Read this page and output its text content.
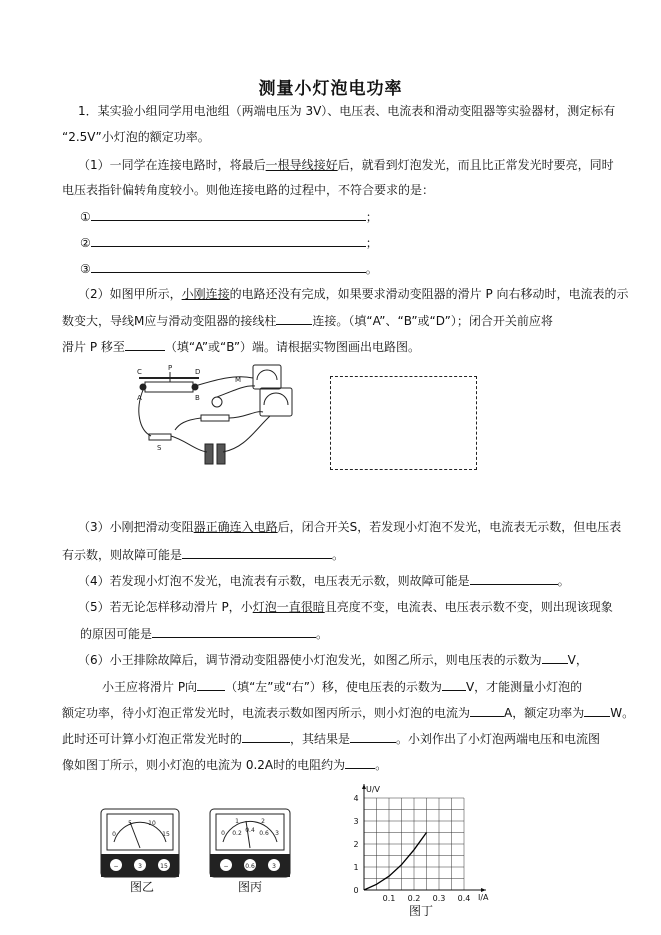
测量小灯泡电功率
1．某实验小组同学用电池组（两端电压为 3V）、电压表、电流表和滑动变阻器等实验器材，测定标有
“2.5V”小灯泡的额定功率。
（1）一同学在连接电路时，将最后一根导线接好后，就看到灯泡发光，而且比正常发光时要亮，同时
电压表指针偏转角度较小。则他连接电路的过程中，不符合要求的是：
①	；
②	；
③	。
（2）如图甲所示，小刚连接的电路还没有完成，如果要求滑动变阻器的滑片 P 向右移动时，电流表的示
数变大，导线M应与滑动变阻器的接线柱	连接。（填“A”、“B”或“D”）；闭合开关前应将
滑片 P 移至	（填“A”或“B”）端。请根据实物图画出电路图。
P
A	B
D
C
M
S
（3）小刚把滑动变阻器正确连入电路后，闭合开关S，若发现小灯泡不发光，电流表无示数，但电压表
有示数，则故障可能是	。
（4）若发现小灯泡不发光，电流表有示数，电压表无示数，则故障可能是	。
（5）若无论怎样移动滑片 P，小灯泡一直很暗且亮度不变，电流表、电压表示数不变，则出现该现象
的原因可能是	。
（6）小王排除故障后，调节滑动变阻器使小灯泡发光，如图乙所示，则电压表的示数为 V，
小王应将滑片 P向 （填“左”或“右”）移，使电压表的示数为 V，才能测量小灯泡的
额定功率，待小灯泡正常发光时，电流表示数如图丙所示，则小灯泡的电流为	A，额定功率为 W。
此时还可计算小灯泡正常发光时的	，其结果是	。小刘作出了小灯泡两端电压和电流图
像如图丁所示，则小灯泡的电流为 0.2A时的电阻约为	。
0
5	10
15
−	3	15
图乙
0
1	2
3
0.2 0.4 0.6
−	0.6	3
图丙
U/V
I/A
0
1
2
3
4
0.1 0.2 0.3 0.4
图丁
